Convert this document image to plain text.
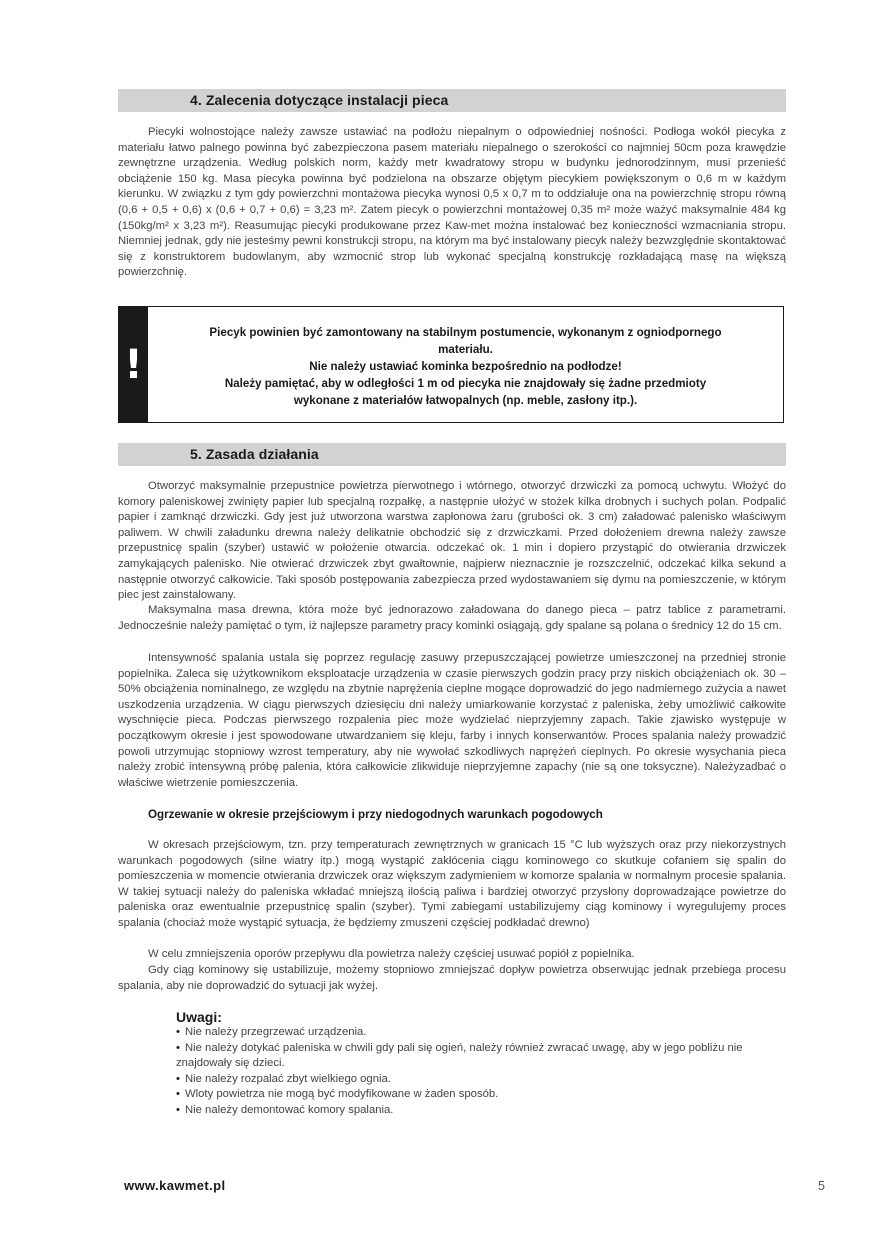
4. Zalecenia dotyczące instalacji pieca

Piecyki wolnostojące należy zawsze ustawiać na podłożu niepalnym o odpowiedniej nośności. Podłoga wokół piecyka z materiału łatwo palnego powinna być zabezpieczona pasem materiału niepalnego o szerokości co najmniej 50cm poza krawędzie zewnętrzne urządzenia. Według polskich norm, każdy metr kwadratowy stropu w budynku jednorodzinnym, musi przenieść obciążenie 150 kg. Masa piecyka powinna być podzielona na obszarze objętym piecykiem powiększonym o 0,6 m w każdym kierunku. W związku z tym gdy powierzchni montażowa piecyka wynosi 0,5 x 0,7 m to oddziałuje ona na powierzchnię stropu równą (0,6 + 0,5 + 0,6) x (0,6 + 0,7 + 0,6) = 3,23 m². Zatem piecyk o powierzchni montażowej 0,35 m² może ważyć maksymalnie 484 kg (150kg/m² x 3,23 m²). Reasumując piecyki produkowane przez Kaw-met można instalować bez konieczności wzmacniania stropu. Niemniej jednak, gdy nie jesteśmy pewni konstrukcji stropu, na którym ma być instalowany piecyk należy bezwzględnie skontaktować się z konstruktorem budowlanym, aby wzmocnić strop lub wykonać specjalną konstrukcję rozkładającą masę na większą powierzchnię.

!
Piecyk powinien być zamontowany na stabilnym postumencie, wykonanym z ogniodpornego
materiału.
Nie należy ustawiać kominka bezpośrednio na podłodze!
Należy pamiętać, aby w odległości 1 m od piecyka nie znajdowały się żadne przedmioty
wykonane z materiałów łatwopalnych (np. meble, zasłony itp.).
5. Zasada działania

Otworzyć maksymalnie przepustnice powietrza pierwotnego i wtórnego, otworzyć drzwiczki za pomocą uchwytu. Włożyć do komory paleniskowej zwinięty papier lub specjalną rozpałkę, a następnie ułożyć w stożek kilka drobnych i suchych polan. Podpalić papier i zamknąć drzwiczki. Gdy jest już utworzona warstwa zapłonowa żaru (grubości ok. 3 cm) załadować palenisko właściwym paliwem. W chwili załadunku drewna należy delikatnie obchodzić się z drzwiczkami. Przed dołożeniem drewna należy zawsze przepustnicę spalin (szyber) ustawić w położenie otwarcia. odczekać ok. 1 min i dopiero przystąpić do otwierania drzwiczek zamykających palenisko. Nie otwierać drzwiczek zbyt gwałtownie, najpierw nieznacznie je rozszczelnić, odczekać kilka sekund a następnie otworzyć całkowicie. Taki sposób postępowania zabezpiecza przed wydostawaniem się dymu na pomieszczenie, w którym piec jest zainstalowany.

Maksymalna masa drewna, która może być jednorazowo załadowana do danego pieca – patrz tablice z parametrami. Jednocześnie należy pamiętać o tym, iż najlepsze parametry pracy kominki osiągają, gdy spalane są polana o średnicy 12 do 15 cm.

Intensywność spalania ustala się poprzez regulację zasuwy przepuszczającej powietrze umieszczonej na przedniej stronie popielnika. Zaleca się użytkownikom eksploatacje urządzenia w czasie pierwszych godzin pracy przy niskich obciążeniach ok. 30 – 50% obciążenia nominalnego, ze względu na zbytnie naprężenia cieplne mogące doprowadzić do jego nadmiernego zużycia a nawet uszkodzenia urządzenia. W ciągu pierwszych dziesięciu dni należy umiarkowanie korzystać z paleniska, żeby umożliwić całkowite wyschnięcie pieca. Podczas pierwszego rozpalenia piec może wydzielać nieprzyjemny zapach. Takie zjawisko występuje w początkowym okresie i jest spowodowane utwardzaniem się kleju, farby i innych konserwantów. Proces spalania należy prowadzić powoli utrzymując stopniowy wzrost temperatury, aby nie wywołać szkodliwych naprężeń cieplnych. Po okresie wysychania pieca należy zrobić intensywną próbę palenia, która całkowicie zlikwiduje nieprzyjemne zapachy (nie są one toksyczne). Należyzadbać o właściwe wietrzenie pomieszczenia.

Ogrzewanie w okresie przejściowym i przy niedogodnych warunkach pogodowych

W okresach przejściowym, tzn. przy temperaturach zewnętrznych w granicach 15 °C lub wyższych oraz przy niekorzystnych warunkach pogodowych (silne wiatry itp.) mogą wystąpić zakłócenia ciągu kominowego co skutkuje cofaniem się spalin do pomieszczenia w momencie otwierania drzwiczek oraz większym zadymieniem w komorze spalania w normalnym procesie spalania. W takiej sytuacji należy do paleniska wkładać mniejszą ilością paliwa i bardziej otworzyć przysłony doprowadzające powietrze do paleniska oraz ewentualnie przepustnicę spalin (szyber). Tymi zabiegami ustabilizujemy ciąg kominowy i wyregulujemy proces spalania (chociaż może wystąpić sytuacja, że będziemy zmuszeni częściej podkładać drewno)

W celu zmniejszenia oporów przepływu dla powietrza należy częściej usuwać popiół z popielnika.

Gdy ciąg kominowy się ustabilizuje, możemy stopniowo zmniejszać dopływ powietrza obserwując jednak przebiega procesu spalania, aby nie doprowadzić do sytuacji jak wyżej.

Uwagi:
• Nie należy przegrzewać urządzenia.
• Nie należy dotykać paleniska w chwili gdy pali się ogień, należy również zwracać uwagę, aby w jego pobliżu nie znajdowały się dzieci.
• Nie należy rozpalać zbyt wielkiego ognia.
• Wloty powietrza nie mogą być modyfikowane w żaden sposób.
• Nie należy demontować komory spalania.
www.kawmet.pl	5
